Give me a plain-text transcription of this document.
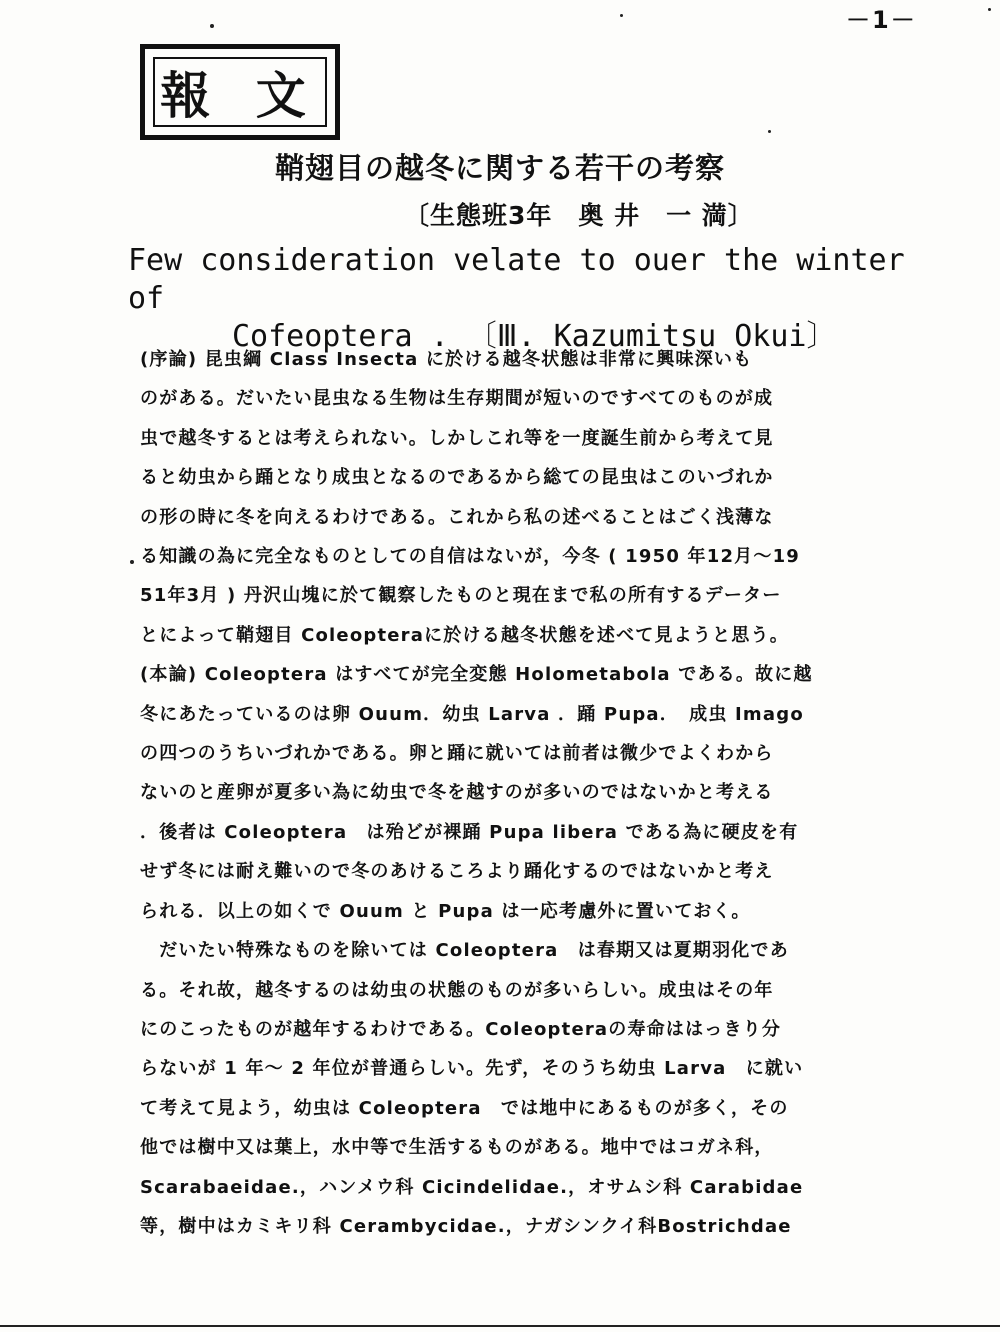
－1－
報 文
鞘翅目の越冬に関する若干の考察
〔生態班3年　奥 井　一 満〕
Few consideration velate to ouer the winter of
Cofeoptera . 〔Ⅲ. Kazumitsu Okui〕

(序論) 昆虫綱 Class Insecta に於ける越冬状態は非常に興味深いも

のがある。だいたい昆虫なる生物は生存期間が短いのですべてのものが成

虫で越冬するとは考えられない。しかしこれ等を一度誕生前から考えて見

ると幼虫から踊となり成虫となるのであるから総ての昆虫はこのいづれか

の形の時に冬を向えるわけである。これから私の述べることはごく浅薄な

る知識の為に完全なものとしての自信はないが，今冬 ( 1950 年12月～19

51年3月 ) 丹沢山塊に於て観察したものと現在まで私の所有するデーター

とによって鞘翅目 Coleopteraに於ける越冬状態を述べて見ようと思う。

(本論) Coleoptera はすべてが完全変態 Holometabola である。故に越

冬にあたっているのは卵 Ouum．幼虫 Larva ．踊 Pupa．　成虫 Imago

の四つのうちいづれかである。卵と踊に就いては前者は微少でよくわから

ないのと産卵が夏多い為に幼虫で冬を越すのが多いのではないかと考える

．後者は Coleoptera　は殆どが裸踊 Pupa libera である為に硬皮を有

せず冬には耐え難いので冬のあけるころより踊化するのではないかと考え

られる．以上の如くで Ouum と Pupa は一応考慮外に置いておく。

　だいたい特殊なものを除いては Coleoptera　は春期又は夏期羽化であ

る。それ故，越冬するのは幼虫の状態のものが多いらしい。成虫はその年

にのこったものが越年するわけである。Coleopteraの寿命ははっきり分

らないが 1 年～ 2 年位が普通らしい。先ず，そのうち幼虫 Larva　に就い

て考えて見よう，幼虫は Coleoptera　では地中にあるものが多く，その

他では樹中又は葉上，水中等で生活するものがある。地中ではコガネ科，

Scarabaeidae.，ハンメウ科 Cicindelidae.，オサムシ科 Carabidae

等，樹中はカミキリ科 Cerambycidae.，ナガシンクイ科Bostrichdae
